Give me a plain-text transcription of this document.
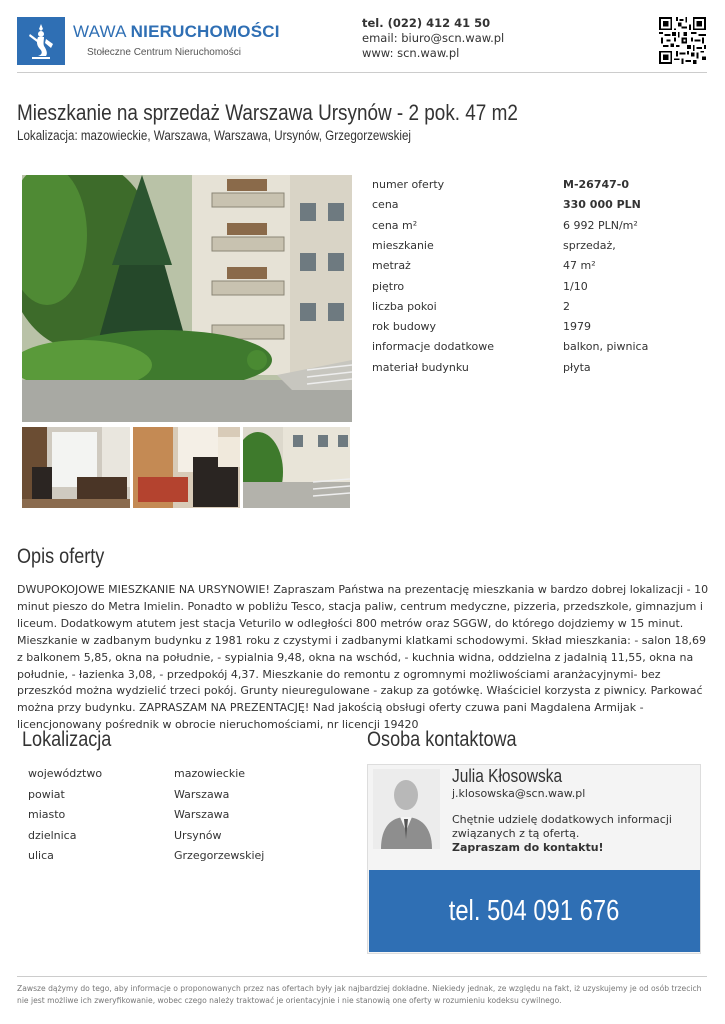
WAWA NIERUCHOMOŚCI
Stołeczne Centrum Nieruchomości
tel. (022) 412 41 50
email: biuro@scn.waw.pl
www: scn.waw.pl
Mieszkanie na sprzedaż Warszawa Ursynów - 2 pok. 47 m2
Lokalizacja: mazowieckie, Warszawa, Warszawa, Ursynów, Grzegorzewskiej
numer oferty	M-26747-0
cena	330 000 PLN
cena m²	6 992 PLN/m²
mieszkanie	sprzedaż,
metraż	47 m²
piętro	1/10
liczba pokoi	2
rok budowy	1979
informacje dodatkowe	balkon, piwnica
materiał budynku	płyta
Opis oferty

DWUPOKOJOWE MIESZKANIE NA URSYNOWIE! Zapraszam Państwa na prezentację mieszkania w bardzo dobrej lokalizacji - 10 minut pieszo do Metra Imielin. Ponadto w pobliżu Tesco, stacja paliw, centrum medyczne, pizzeria, przedszkole, gimnazjum i liceum. Dodatkowym atutem jest stacja Veturilo w odległości 800 metrów oraz SGGW, do którego dojdziemy w 15 minut. Mieszkanie w zadbanym budynku z 1981 roku z czystymi i zadbanymi klatkami schodowymi. Skład mieszkania: - salon 18,69 z balkonem 5,85, okna na południe, - sypialnia 9,48, okna na wschód, - kuchnia widna, oddzielna z jadalnią 11,55, okna na południe, - łazienka 3,08, - przedpokój 4,37. Mieszkanie do remontu z ogromnymi możliwościami aranżacyjnymi- bez przeszkód można wydzielić trzeci pokój. Grunty nieuregulowane - zakup za gotówkę. Właściciel korzysta z piwnicy. Parkować można przy budynku. ZAPRASZAM NA PREZENTACJĘ! Nad jakością obsługi oferty czuwa pani Magdalena Armijak - licencjonowany pośrednik w obrocie nieruchomościami, nr licencji 19420

Lokalizacja
województwo	mazowieckie
powiat	Warszawa
miasto	Warszawa
dzielnica	Ursynów
ulica	Grzegorzewskiej
Osoba kontaktowa
Julia Kłosowska
j.klosowska@scn.waw.pl
Chętnie udzielę dodatkowych informacji związanych z tą ofertą.
Zapraszam do kontaktu!
tel. 504 091 676

Zawsze dążymy do tego, aby informacje o proponowanych przez nas ofertach były jak najbardziej dokładne. Niekiedy jednak, ze względu na fakt, iż uzyskujemy je od osób trzecich nie jest możliwe ich zweryfikowanie, wobec czego należy traktować je orientacyjnie i nie stanowią one oferty w rozumieniu kodeksu cywilnego.
